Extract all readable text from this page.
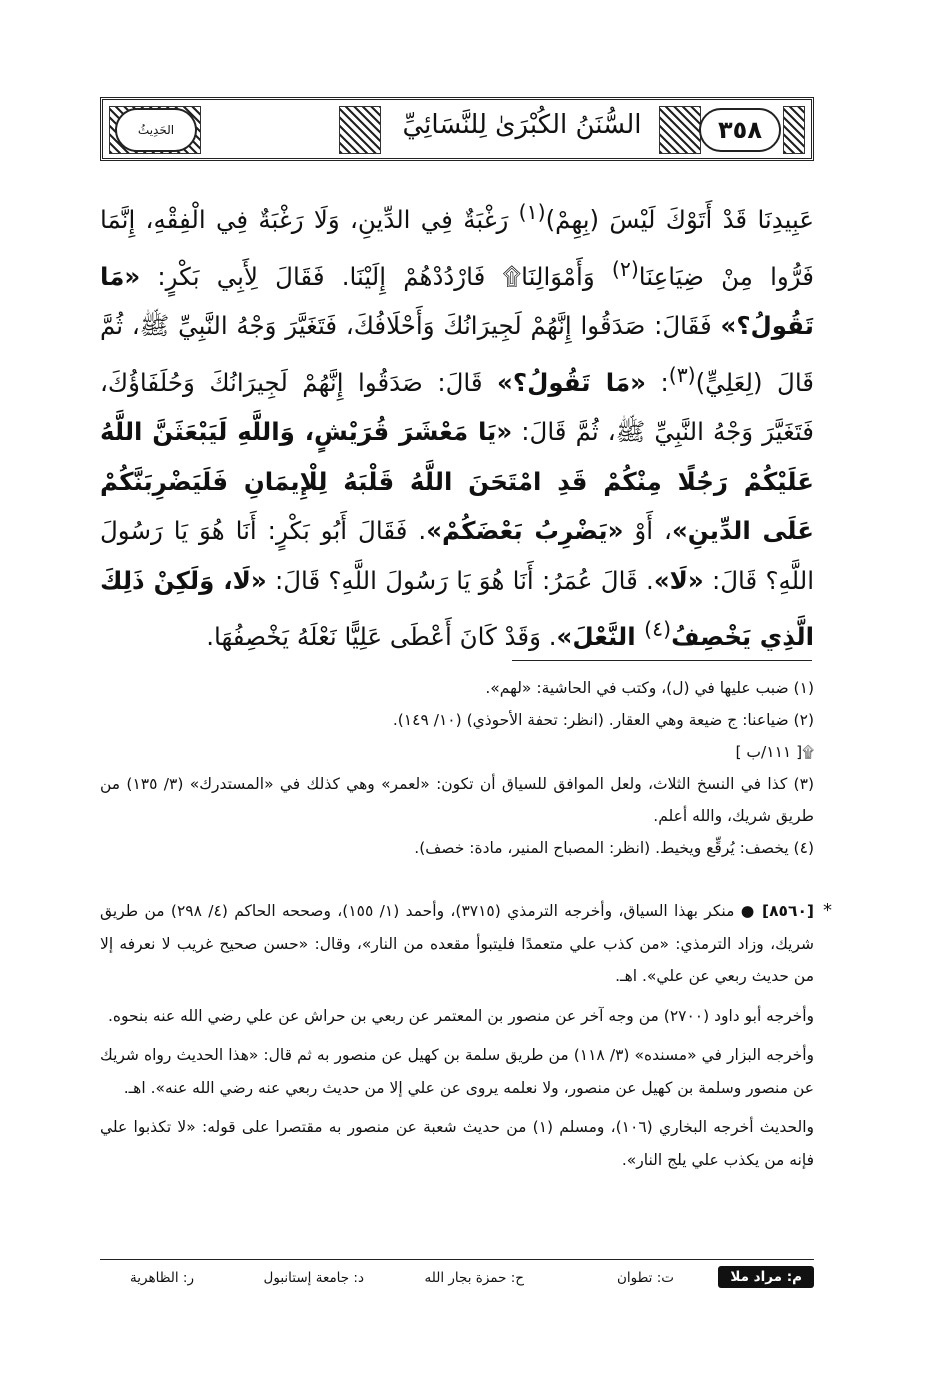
الحَدِيثُ	السُّنَنُ الكُبْرَىٰ لِلنَّسَائِيِّ	٣٥٨

عَبِيدِنَا قَدْ أَتَوْكَ لَيْسَ (بِهِمْ)$^{(١)}$ رَغْبَةٌ فِي الدِّينِ، وَلَا رَغْبَةٌ فِي الْفِقْهِ، إِنَّمَا فَرُّوا مِنْ ضِيَاعِنَا$^{(٢)}$ وَأَمْوَالِنَا۩ فَارْدُدْهُمْ إِلَيْنَا. فَقَالَ لِأَبِي بَكْرٍ: «مَا تَقُولُ؟» فَقَالَ: صَدَقُوا إِنَّهُمْ لَجِيرَانُكَ وَأَحْلَافُكَ، فَتَغَيَّرَ وَجْهُ النَّبِيِّ ﷺ، ثُمَّ قَالَ (لِعَلِيٍّ)$^{(٣)}$: «مَا تَقُولُ؟» قَالَ: صَدَقُوا إِنَّهُمْ لَجِيرَانُكَ وَحُلَفَاؤُكَ، فَتَغَيَّرَ وَجْهُ النَّبِيِّ ﷺ، ثُمَّ قَالَ: «يَا مَعْشَرَ قُرَيْشٍ، وَاللَّهِ لَيَبْعَثَنَّ اللَّهُ عَلَيْكُمْ رَجُلًا مِنْكُمْ قَدِ امْتَحَنَ اللَّهُ قَلْبَهُ لِلْإِيمَانِ فَلَيَضْرِبَنَّكُمْ عَلَى الدِّينِ»، أَوْ «يَضْرِبُ بَعْضَكُمْ». فَقَالَ أَبُو بَكْرٍ: أَنَا هُوَ يَا رَسُولَ اللَّهِ؟ قَالَ: «لَا». قَالَ عُمَرُ: أَنَا هُوَ يَا رَسُولَ اللَّهِ؟ قَالَ: «لَا، وَلَكِنْ ذَلِكَ الَّذِي يَخْصِفُ$^{(٤)}$ النَّعْلَ». وَقَدْ كَانَ أَعْطَى عَلِيًّا نَعْلَهُ يَخْصِفُهَا.

(١) ضبب عليها في (ل)، وكتب في الحاشية: «لهم».

(٢) ضياعنا: ج ضيعة وهي العقار. (انظر: تحفة الأحوذي) (١٠/ ١٤٩).

۩[ ١١١/ب ]

(٣) كذا في النسخ الثلاث، ولعل الموافق للسياق أن تكون: «لعمر» وهي كذلك في «المستدرك» (٣/ ١٣٥) من طريق شريك، والله أعلم.

(٤) يخصف: يُرقِّع ويخيط. (انظر: المصباح المنير، مادة: خصف).

*

[٨٥٦٠] ● منكر بهذا السياق، وأخرجه الترمذي (٣٧١٥)، وأحمد (١/ ١٥٥)، وصححه الحاكم (٤/ ٢٩٨) من طريق شريك، وزاد الترمذي: «من كذب علي متعمدًا فليتبوأ مقعده من النار»، وقال: «حسن صحيح غريب لا نعرفه إلا من حديث ربعي عن علي». اهـ.

وأخرجه أبو داود (٢٧٠٠) من وجه آخر عن منصور بن المعتمر عن ربعي بن حراش عن علي رضي الله عنه بنحوه.

وأخرجه البزار في «مسنده» (٣/ ١١٨) من طريق سلمة بن كهيل عن منصور به ثم قال: «هذا الحديث رواه شريك عن منصور وسلمة بن كهيل عن منصور، ولا نعلمه يروى عن علي إلا من حديث ربعي عنه رضي الله عنه». اهـ.

والحديث أخرجه البخاري (١٠٦)، ومسلم (١) من حديث شعبة عن منصور به مقتصرا على قوله: «لا تكذبوا علي فإنه من يكذب علي يلج النار».

م: مراد ملا
ت: تطوان
ح: حمزة بجار الله
د: جامعة إستانبول
ر: الظاهرية
